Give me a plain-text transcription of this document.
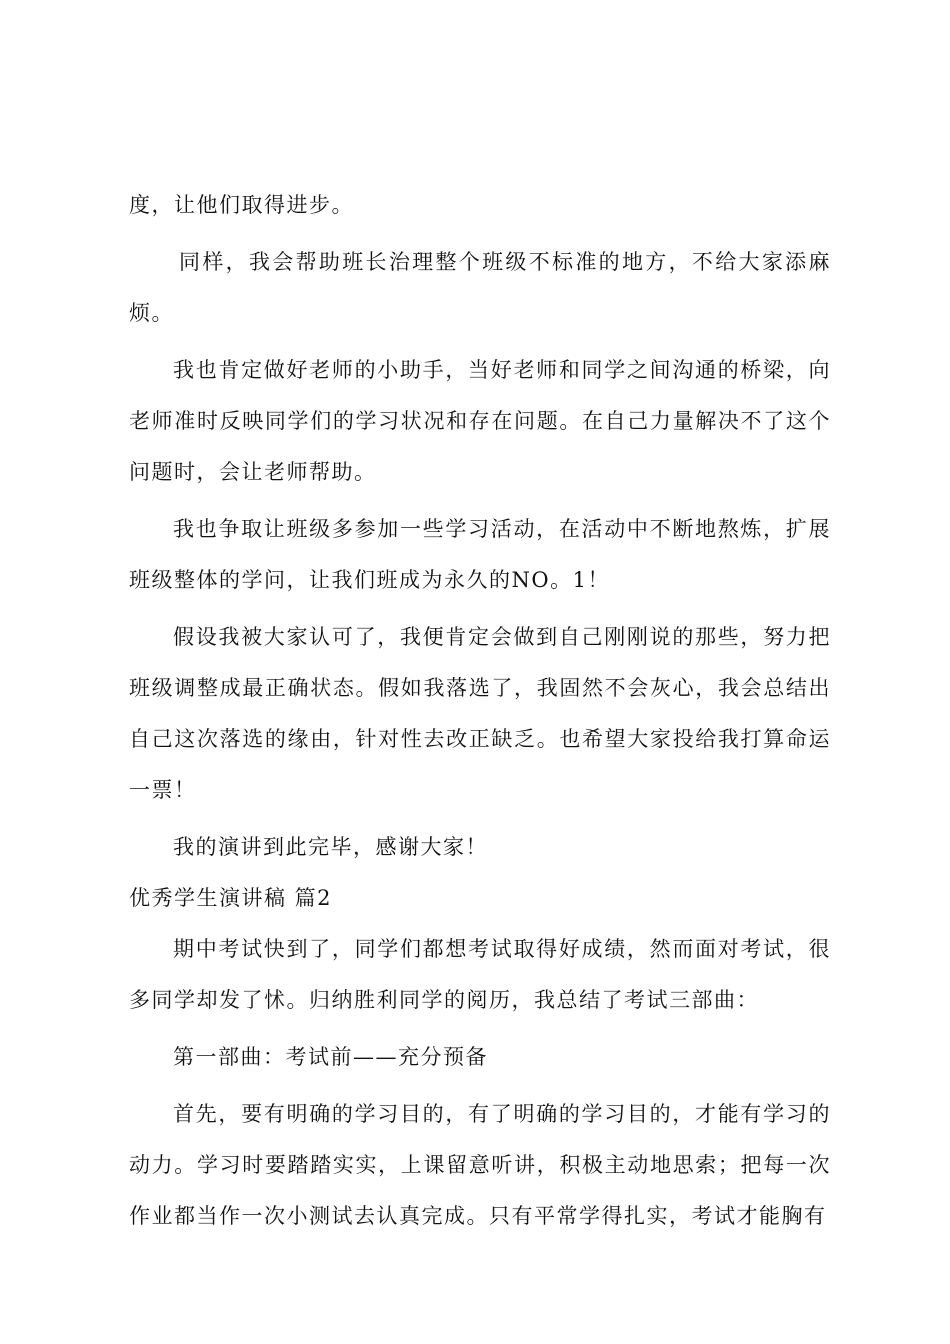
度，让他们取得进步。

同样，我会帮助班长治理整个班级不标准的地方，不给大家添麻烦。

我也肯定做好老师的小助手，当好老师和同学之间沟通的桥梁，向老师准时反映同学们的学习状况和存在问题。在自己力量解决不了这个问题时，会让老师帮助。

我也争取让班级多参加一些学习活动，在活动中不断地熬炼，扩展班级整体的学问，让我们班成为永久的NO。1！

假设我被大家认可了，我便肯定会做到自己刚刚说的那些，努力把班级调整成最正确状态。假如我落选了，我固然不会灰心，我会总结出自己这次落选的缘由，针对性去改正缺乏。也希望大家投给我打算命运一票！

我的演讲到此完毕，感谢大家！

优秀学生演讲稿 篇2

期中考试快到了，同学们都想考试取得好成绩，然而面对考试，很多同学却发了怵。归纳胜利同学的阅历，我总结了考试三部曲：

第一部曲：考试前——充分预备

首先，要有明确的学习目的，有了明确的学习目的，才能有学习的动力。学习时要踏踏实实，上课留意听讲，积极主动地思索；把每一次作业都当作一次小测试去认真完成。只有平常学得扎实，考试才能胸有
